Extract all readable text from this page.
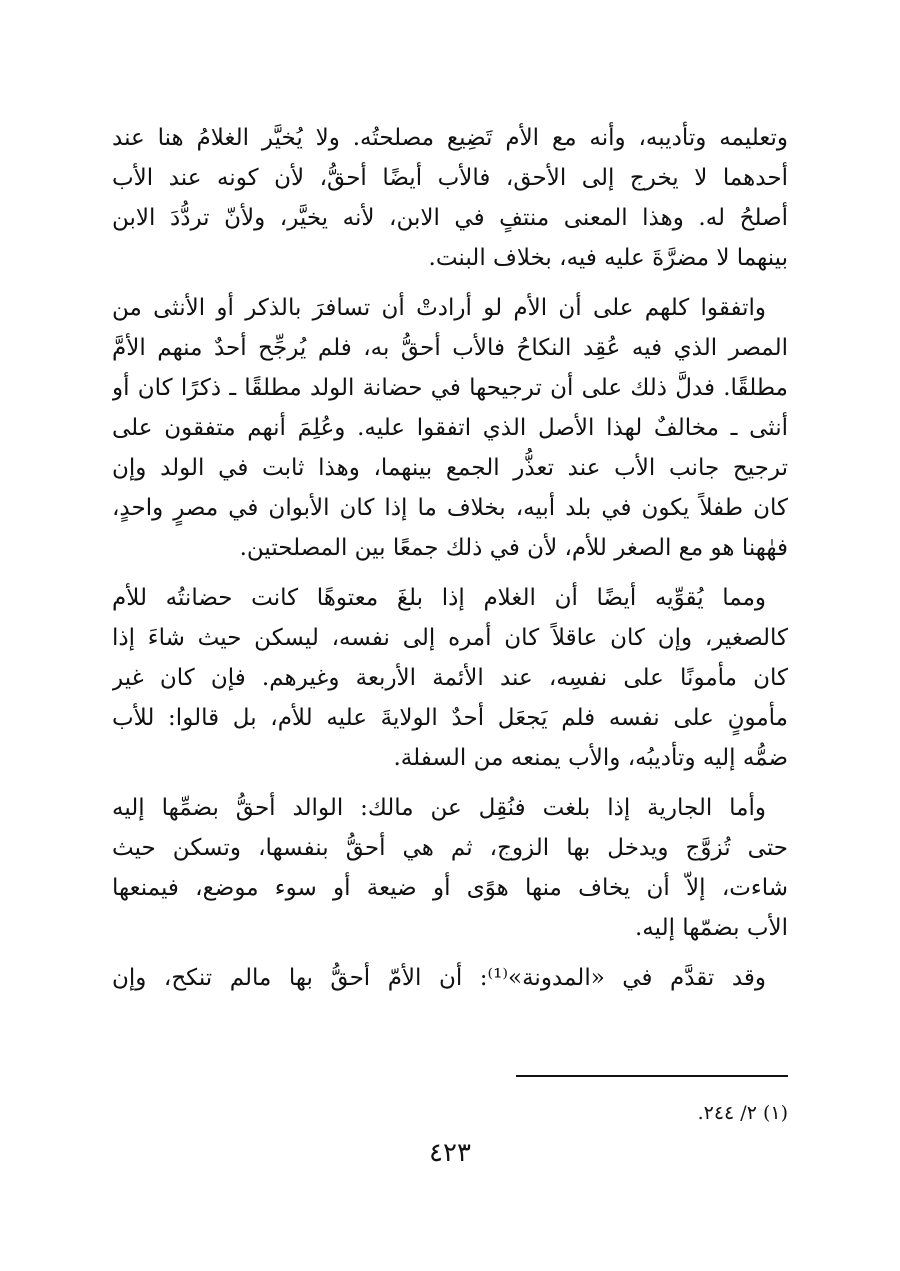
وتعليمه وتأديبه، وأنه مع الأم تَضِيع مصلحتُه. ولا يُخيَّر الغلامُ هنا عند
أحدهما لا يخرج إلى الأحق، فالأب أيضًا أحقُّ، لأن كونه عند الأب
أصلحُ له. وهذا المعنى منتفٍ في الابن، لأنه يخيَّر، ولأنّ تردُّدَ الابن
بينهما لا مضرَّةَ عليه فيه، بخلاف البنت.

واتفقوا كلهم على أن الأم لو أرادتْ أن تسافرَ بالذكر أو الأنثى من
المصر الذي فيه عُقِد النكاحُ فالأب أحقُّ به، فلم يُرجِّح أحدٌ منهم الأمَّ
مطلقًا. فدلَّ ذلك على أن ترجيحها في حضانة الولد مطلقًا ـ ذكرًا كان أو
أنثى ـ مخالفٌ لهذا الأصل الذي اتفقوا عليه. وعُلِمَ أنهم متفقون على
ترجيح جانب الأب عند تعذُّر الجمع بينهما، وهذا ثابت في الولد وإن
كان طفلاً يكون في بلد أبيه، بخلاف ما إذا كان الأبوان في مصرٍ واحدٍ،
فهٰهنا هو مع الصغر للأم، لأن في ذلك جمعًا بين المصلحتين.

ومما يُقوِّيه أيضًا أن الغلام إذا بلغَ معتوهًا كانت حضانتُه للأم
كالصغير، وإن كان عاقلاً كان أمره إلى نفسه، ليسكن حيث شاءَ إذا
كان مأمونًا على نفسِه، عند الأئمة الأربعة وغيرهم. فإن كان غير
مأمونٍ على نفسه فلم يَجعَل أحدٌ الولايةَ عليه للأم، بل قالوا: للأب
ضمُّه إليه وتأديبُه، والأب يمنعه من السفلة.

وأما الجارية إذا بلغت فنُقِل عن مالك: الوالد أحقُّ بضمِّها إليه
حتى تُزوَّج ويدخل بها الزوج، ثم هي أحقُّ بنفسها، وتسكن حيث
شاءت، إلاّ أن يخاف منها هوًى أو ضيعة أو سوء موضع، فيمنعها
الأب بضمّها إليه.

وقد تقدَّم في «المدونة»⁽¹⁾: أن الأمّ أحقُّ بها مالم تنكح، وإن

(١) ٢/ ٢٤٤.
٤٢٣
